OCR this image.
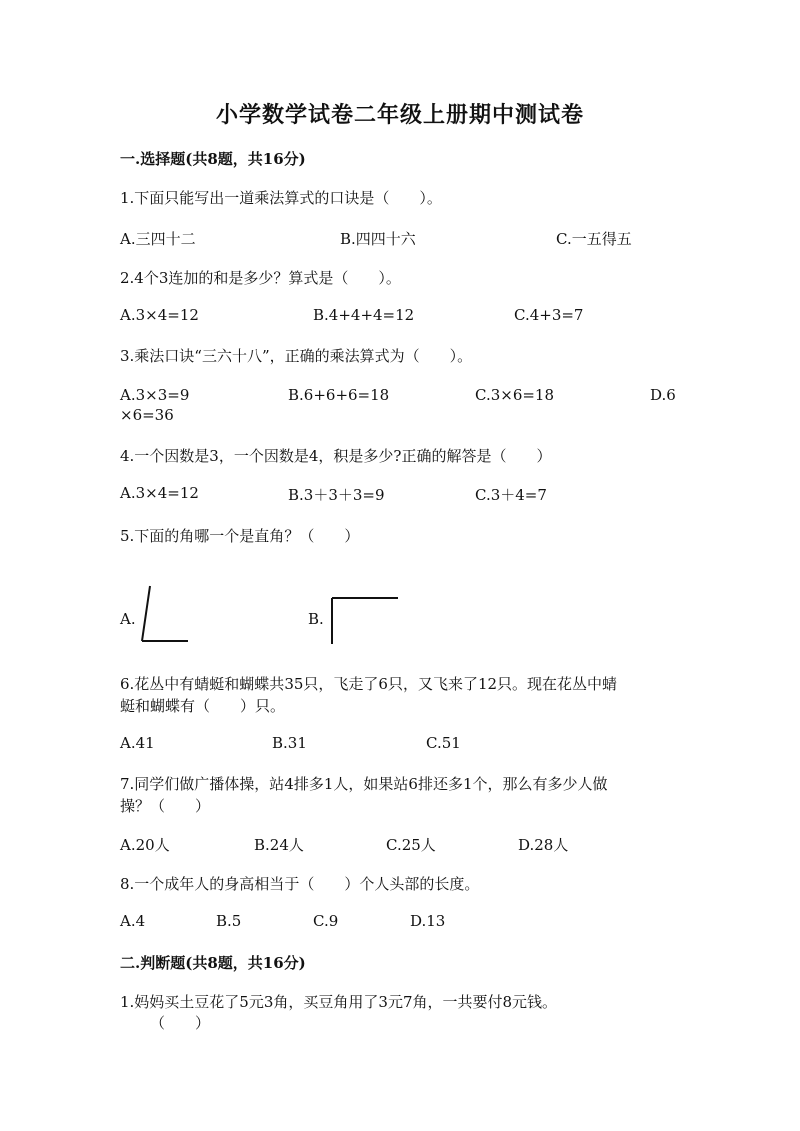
小学数学试卷二年级上册期中测试卷
一.选择题(共8题，共16分)
1.下面只能写出一道乘法算式的口诀是（　　）。
A.三四十二	B.四四十六	C.一五得五
2.4个3连加的和是多少？算式是（　　）。
A.3×4=12	B.4+4+4=12	C.4+3=7
3.乘法口诀“三六十八”，正确的乘法算式为（　　）。
A.3×3=9	B.6+6+6=18	C.3×6=18	D.6
×6=36
4.一个因数是3，一个因数是4，积是多少?正确的解答是（　　）
A.3×4=12	B.3＋3＋3=9	C.3＋4=7
5.下面的角哪一个是直角？（　　）
A.	B.
6.花丛中有蜻蜓和蝴蝶共35只，飞走了6只，又飞来了12只。现在花丛中蜻
蜓和蝴蝶有（　　）只。
A.41	B.31	C.51
7.同学们做广播体操，站4排多1人，如果站6排还多1个，那么有多少人做
操？（　　）
A.20人	B.24人	C.25人	D.28人
8.一个成年人的身高相当于（　　）个人头部的长度。
A.4	B.5	C.9	D.13
二.判断题(共8题，共16分)
1.妈妈买土豆花了5元3角，买豆角用了3元7角，一共要付8元钱。
（　　）
